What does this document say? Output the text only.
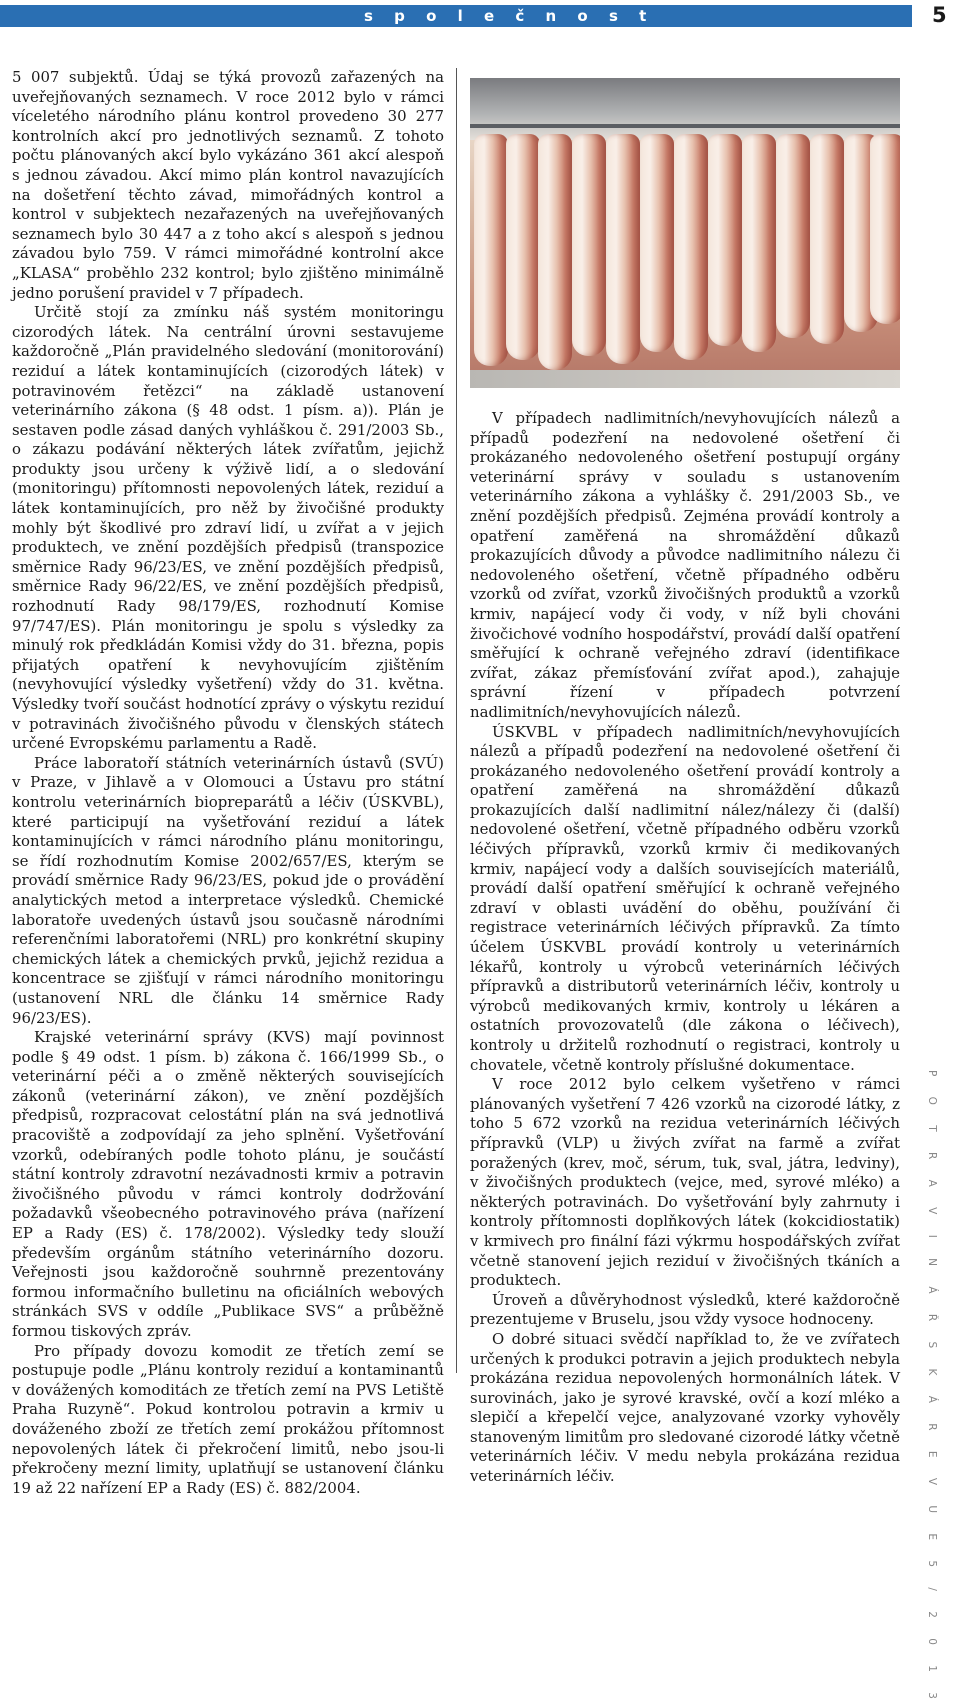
s p o l e č n o s t	5

5 007 subjektů. Údaj se týká provozů zařazených na uveřejňovaných seznamech. V roce 2012 bylo v rámci víceletého národního plánu kontrol provedeno 30 277 kontrolních akcí pro jednotlivých seznamů. Z tohoto počtu plánovaných akcí bylo vykázáno 361 akcí alespoň s jednou závadou. Akcí mimo plán kontrol navazujících na došetření těchto závad, mimořádných kontrol a kontrol v subjektech nezařazených na uveřejňovaných seznamech bylo 30 447 a z toho akcí s alespoň s jednou závadou bylo 759. V rámci mimořádné kontrolní akce „KLASA“ proběhlo 232 kontrol; bylo zjištěno minimálně jedno porušení pravidel v 7 případech.

Určitě stojí za zmínku náš systém monitoringu cizorodých látek. Na centrální úrovni sestavujeme každoročně „Plán pravidelného sledování (monitorování) reziduí a látek kontaminujících (cizorodých látek) v potravinovém řetězci“ na základě ustanovení veterinárního zákona (§ 48 odst. 1 písm. a)). Plán je sestaven podle zásad daných vyhláškou č. 291/2003 Sb., o zákazu podávání některých látek zvířatům, jejichž produkty jsou určeny k výživě lidí, a o sledování (monitoringu) přítomnosti nepovolených látek, reziduí a látek kontaminujících, pro něž by živočišné produkty mohly být škodlivé pro zdraví lidí, u zvířat a v jejich produktech, ve znění pozdějších předpisů (transpozice směrnice Rady 96/23/ES, ve znění pozdějších předpisů, směrnice Rady 96/22/ES, ve znění pozdějších předpisů, rozhodnutí Rady 98/179/ES, rozhodnutí Komise 97/747/ES). Plán monitoringu je spolu s výsledky za minulý rok předkládán Komisi vždy do 31. března, popis přijatých opatření k nevyhovujícím zjištěním (nevyhovující výsledky vyšetření) vždy do 31. května. Výsledky tvoří součást hodnotící zprávy o výskytu reziduí v potravinách živočišného původu v členských státech určené Evropskému parlamentu a Radě.

Práce laboratoří státních veterinárních ústavů (SVÚ) v Praze, v Jihlavě a v Olomouci a Ústavu pro státní kontrolu veterinárních biopreparátů a léčiv (ÚSKVBL), které participují na vyšetřování reziduí a látek kontaminujících v rámci národního plánu monitoringu, se řídí rozhodnutím Komise 2002/657/ES, kterým se provádí směrnice Rady 96/23/ES, pokud jde o provádění analytických metod a interpretace výsledků. Chemické laboratoře uvedených ústavů jsou současně národními referenčními laboratořemi (NRL) pro konkrétní skupiny chemických látek a chemických prvků, jejichž rezidua a koncentrace se zjišťují v rámci národního monitoringu (ustanovení NRL dle článku 14 směrnice Rady 96/23/ES).

Krajské veterinární správy (KVS) mají povinnost podle § 49 odst. 1 písm. b) zákona č. 166/1999 Sb., o veterinární péči a o změně některých souvisejících zákonů (veterinární zákon), ve znění pozdějších předpisů, rozpracovat celostátní plán na svá jednotlivá pracoviště a zodpovídají za jeho splnění. Vyšetřování vzorků, odebíraných podle tohoto plánu, je součástí státní kontroly zdravotní nezávadnosti krmiv a potravin živočišného původu v rámci kontroly dodržování požadavků všeobecného potravinového práva (nařízení EP a Rady (ES) č. 178/2002). Výsledky tedy slouží především orgánům státního veterinárního dozoru. Veřejnosti jsou každoročně souhrnně prezentovány formou informačního bulletinu na oficiálních webových stránkách SVS v oddíle „Publikace SVS“ a průběžně formou tiskových zpráv.

Pro případy dovozu komodit ze třetích zemí se postupuje podle „Plánu kontroly reziduí a kontaminantů v dovážených komoditách ze třetích zemí na PVS Letiště Praha Ruzyně“. Pokud kontrolou potravin a krmiv u dováženého zboží ze třetích zemí prokážou přítomnost nepovolených látek či překročení limitů, nebo jsou-li překročeny mezní limity, uplatňují se ustanovení článku 19 až 22 nařízení EP a Rady (ES) č. 882/2004.

V případech nadlimitních/nevyhovujících nálezů a případů podezření na nedovolené ošetření či prokázaného nedovoleného ošetření postupují orgány veterinární správy v souladu s ustanovením veterinárního zákona a vyhlášky č. 291/2003 Sb., ve znění pozdějších předpisů. Zejména provádí kontroly a opatření zaměřená na shromáždění důkazů prokazujících důvody a původce nadlimitního nálezu či nedovoleného ošetření, včetně případného odběru vzorků od zvířat, vzorků živočišných produktů a vzorků krmiv, napájecí vody či vody, v níž byli chováni živočichové vodního hospodářství, provádí další opatření směřující k ochraně veřejného zdraví (identifikace zvířat, zákaz přemísťování zvířat apod.), zahajuje správní řízení v případech potvrzení nadlimitních/nevyhovujících nálezů.

ÚSKVBL v případech nadlimitních/nevyhovujících nálezů a případů podezření na nedovolené ošetření či prokázaného nedovoleného ošetření provádí kontroly a opatření zaměřená na shromáždění důkazů prokazujících další nadlimitní nález/nálezy či (další) nedovolené ošetření, včetně případného odběru vzorků léčivých přípravků, vzorků krmiv či medikovaných krmiv, napájecí vody a dalších souvisejících materiálů, provádí další opatření směřující k ochraně veřejného zdraví v oblasti uvádění do oběhu, používání či registrace veterinárních léčivých přípravků. Za tímto účelem ÚSKVBL provádí kontroly u veterinárních lékařů, kontroly u výrobců veterinárních léčivých přípravků a distributorů veterinárních léčiv, kontroly u výrobců medikovaných krmiv, kontroly u lékáren a ostatních provozovatelů (dle zákona o léčivech), kontroly u držitelů rozhodnutí o registraci, kontroly u chovatele, včetně kontroly příslušné dokumentace.

V roce 2012 bylo celkem vyšetřeno v rámci plánovaných vyšetření 7 426 vzorků na cizorodé látky, z toho 5 672 vzorků na rezidua veterinárních léčivých přípravků (VLP) u živých zvířat na farmě a zvířat poražených (krev, moč, sérum, tuk, sval, játra, ledviny), v živočišných produktech (vejce, med, syrové mléko) a některých potravinách. Do vyšetřování byly zahrnuty i kontroly přítomnosti doplňkových látek (kokcidiostatik) v krmivech pro finální fázi výkrmu hospodářských zvířat včetně stanovení jejich reziduí v živočišných tkáních a produktech.

Úroveň a důvěryhodnost výsledků, které každoročně prezentujeme v Bruselu, jsou vždy vysoce hodnoceny.

O dobré situaci svědčí například to, že ve zvířatech určených k produkci potravin a jejich produktech nebyla prokázána rezidua nepovolených hormonálních látek. V surovinách, jako je syrové kravské, ovčí a kozí mléko a slepičí a křepelčí vejce, analyzované vzorky vyhověly stanoveným limitům pro sledované cizorodé látky včetně veterinárních léčiv. V medu nebyla prokázána rezidua veterinárních léčiv.	P O T R A V I N Á Ř S K Á R E V U E 5 / 2 0 1 3
